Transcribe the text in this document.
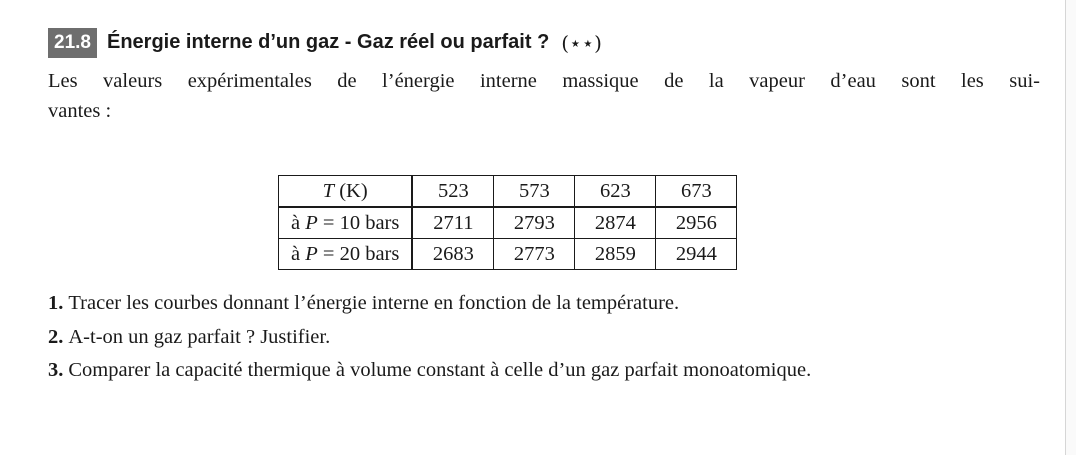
21.8 Énergie interne d’un gaz - Gaz réel ou parfait ? (⋆⋆)
Les valeurs expérimentales de l’énergie interne massique de la vapeur d’eau sont les sui-
vantes :
T (K)	523	573	623	673
à P = 10 bars	2711	2793	2874	2956
à P = 20 bars	2683	2773	2859	2944
1. Tracer les courbes donnant l’énergie interne en fonction de la température.
2. A-t-on un gaz parfait ? Justifier.
3. Comparer la capacité thermique à volume constant à celle d’un gaz parfait monoatomique.
